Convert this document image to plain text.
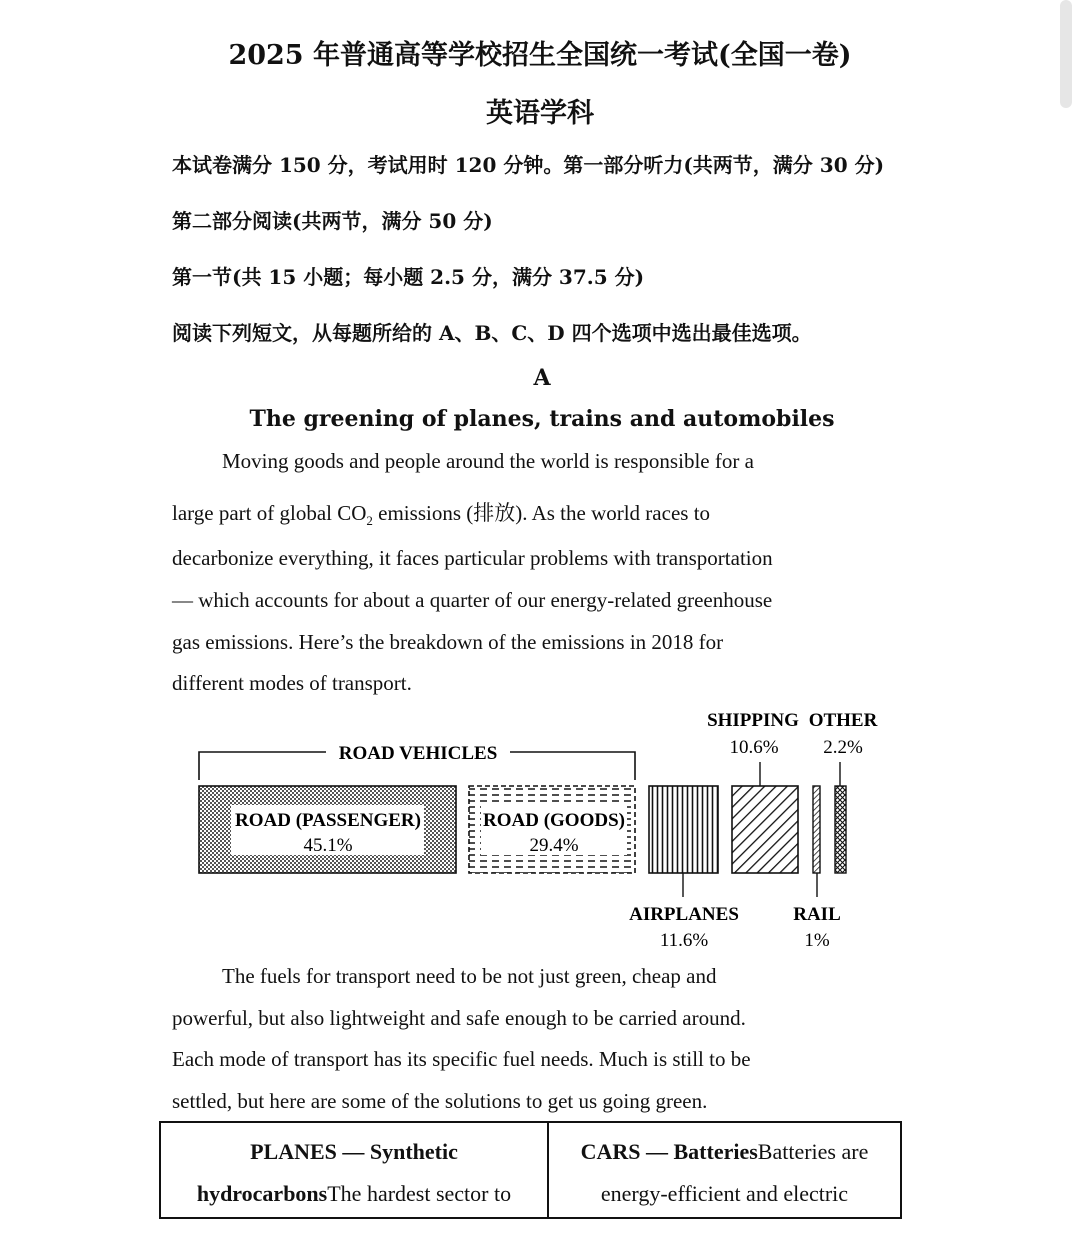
2025 年普通高等学校招生全国统一考试(全国一卷)
英语学科
本试卷满分 150 分，考试用时 120 分钟。第一部分听力(共两节，满分 30 分)
第二部分阅读(共两节，满分 50 分)
第一节(共 15 小题；每小题 2.5 分，满分 37.5 分)
阅读下列短文，从每题所给的 A、B、C、D 四个选项中选出最佳选项。
A
The greening of planes, trains and automobiles
Moving goods and people around the world is responsible for a
large part of global $CO_2$ emissions (排放). As the world races to
decarbonize everything, it faces particular problems with transportation
— which accounts for about a quarter of our energy-related greenhouse
gas emissions. Here’s the breakdown of the emissions in 2018 for
different modes of transport.
ROAD VEHICLES
ROAD (PASSENGER)
45.1%
ROAD (GOODS)
29.4%
AIRPLANES
11.6%
SHIPPING
10.6%
RAIL
1%
OTHER
2.2%
The fuels for transport need to be not just green, cheap and
powerful, but also lightweight and safe enough to be carried around.
Each mode of transport has its specific fuel needs. Much is still to be
settled, but here are some of the solutions to get us going green.
PLANES — Synthetic
hydrocarbonsThe hardest sector to
CARS — BatteriesBatteries are
energy-efficient and electric
